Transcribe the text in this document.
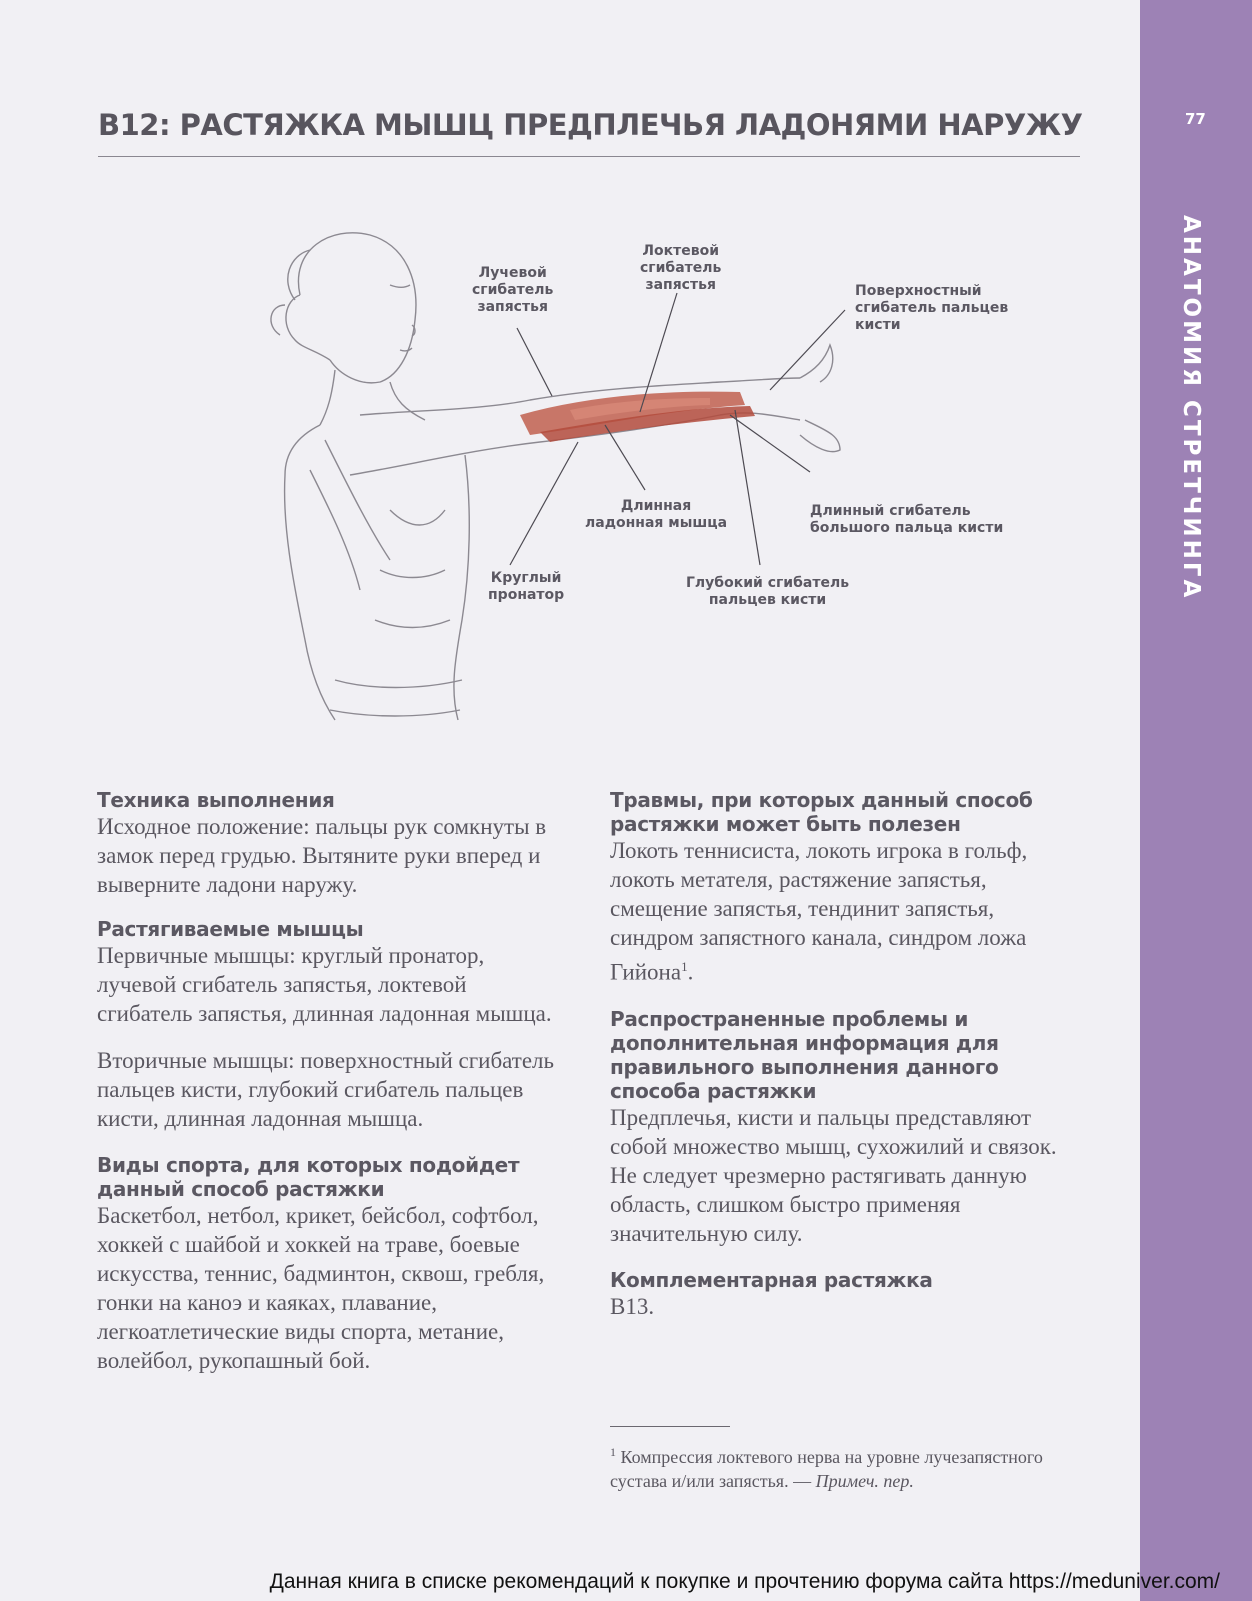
77
АНАТОМИЯ СТРЕТЧИНГА
В12: РАСТЯЖКА МЫШЦ ПРЕДПЛЕЧЬЯ ЛАДОНЯМИ НАРУЖУ
Лучевой
сгибатель
запястья
Локтевой
сгибатель
запястья	Поверхностный
сгибатель пальцев
кисти
Длинная
ладонная мышца
Длинный сгибатель
большого пальца кисти
Круглый
пронатор
Глубокий сгибатель
пальцев кисти

Техника выполнения

Исходное положение: пальцы рук сомкнуты в замок перед грудью. Вытяните руки вперед и выверните ладони наружу.

Растягиваемые мышцы

Первичные мышцы: круглый пронатор, лучевой сгибатель запястья, локтевой сгибатель запястья, длинная ладонная мышца.

Вторичные мышцы: поверхностный сгибатель пальцев кисти, глубокий сгибатель пальцев кисти, длинная ладонная мышца.

Виды спорта, для которых подойдет данный способ растяжки

Баскетбол, нетбол, крикет, бейсбол, софтбол, хоккей с шайбой и хоккей на траве, боевые искусства, теннис, бадминтон, сквош, гребля, гонки на каноэ и каяках, плавание, легкоатлетические виды спорта, метание, волейбол, рукопашный бой.

Травмы, при которых данный способ растяжки может быть полезен

Локоть теннисиста, локоть игрока в гольф, локоть метателя, растяжение запястья, смещение запястья, тендинит запястья, синдром запястного канала, синдром ложа Гийона$^1$.

Распространенные проблемы и дополнительная информация для правильного выполнения данного способа растяжки

Предплечья, кисти и пальцы представляют собой множество мышц, сухожилий и связок. Не следует чрезмерно растягивать данную область, слишком быстро применяя значительную силу.

Комплементарная растяжка

В13.

$^1$ Компрессия локтевого нерва на уровне лучезапястного сустава и/или запястья. — Примеч. пер.
Данная книга в списке рекомендаций к покупке и прочтению форума сайта https://meduniver.com/
